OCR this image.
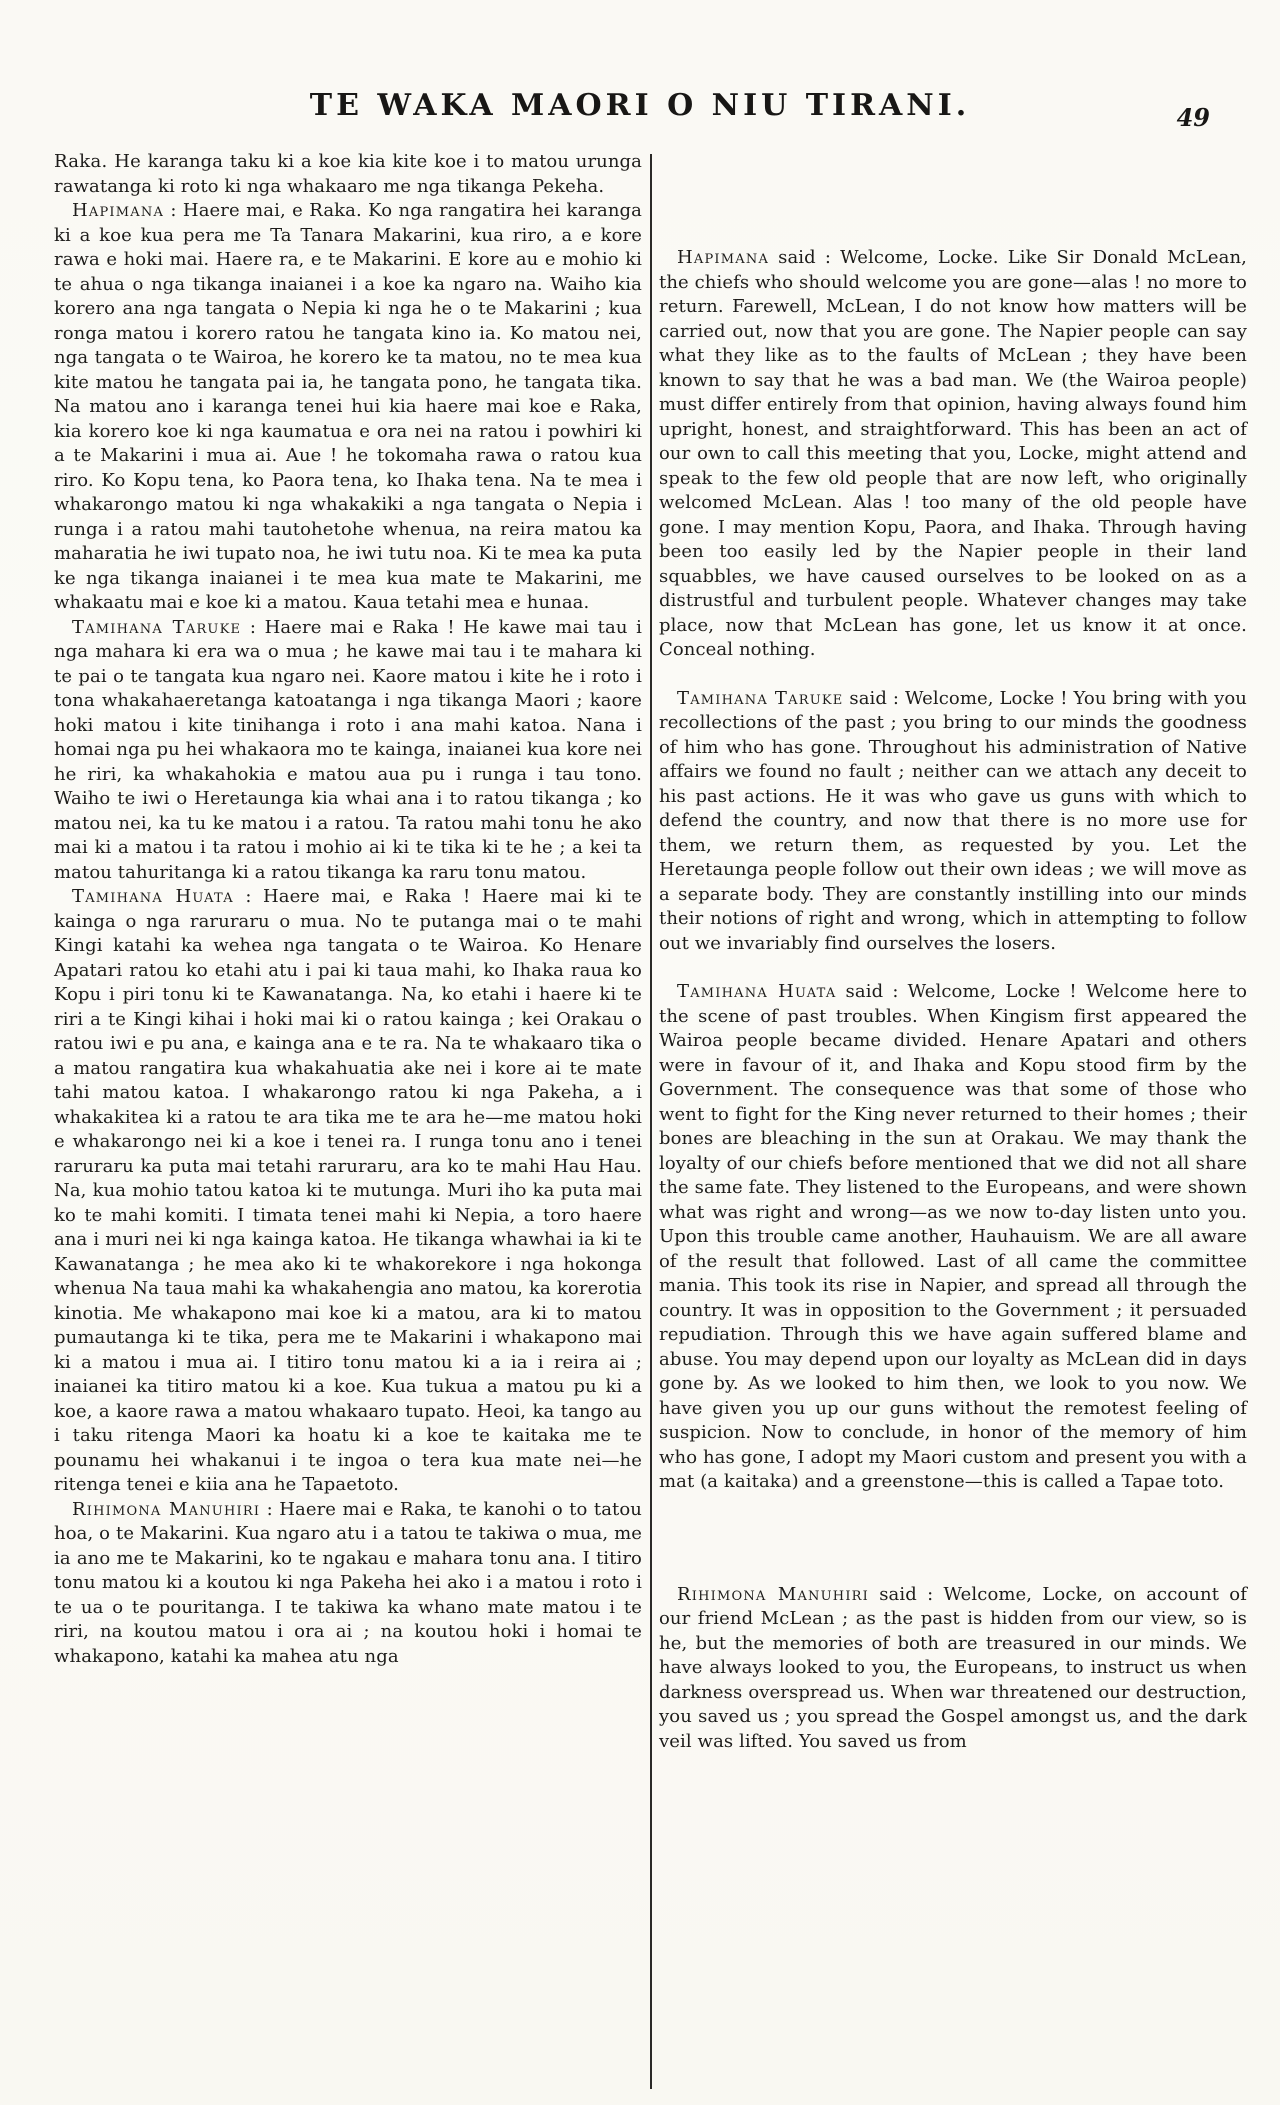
TE WAKA MAORI O NIU TIRANI.	49

Raka. He karanga taku ki a koe kia kite koe i to matou urunga rawatanga ki roto ki nga whakaaro me nga tikanga Pekeha.

Hapimana : Haere mai, e Raka. Ko nga rangatira hei karanga ki a koe kua pera me Ta Tanara Makarini, kua riro, a e kore rawa e hoki mai. Haere ra, e te Makarini. E kore au e mohio ki te ahua o nga tikanga inaianei i a koe ka ngaro na. Waiho kia korero ana nga tangata o Nepia ki nga he o te Makarini ; kua ronga matou i korero ratou he tangata kino ia. Ko matou nei, nga tangata o te Wairoa, he korero ke ta matou, no te mea kua kite matou he tangata pai ia, he tangata pono, he tangata tika. Na matou ano i karanga tenei hui kia haere mai koe e Raka, kia korero koe ki nga kaumatua e ora nei na ratou i powhiri ki a te Makarini i mua ai. Aue ! he tokomaha rawa o ratou kua riro. Ko Kopu tena, ko Paora tena, ko Ihaka tena. Na te mea i whakarongo matou ki nga whakakiki a nga tangata o Nepia i runga i a ratou mahi tautohetohe whenua, na reira matou ka maharatia he iwi tupato noa, he iwi tutu noa. Ki te mea ka puta ke nga tikanga inaianei i te mea kua mate te Makarini, me whakaatu mai e koe ki a matou. Kaua tetahi mea e hunaa.

Tamihana Taruke : Haere mai e Raka ! He kawe mai tau i nga mahara ki era wa o mua ; he kawe mai tau i te mahara ki te pai o te tangata kua ngaro nei. Kaore matou i kite he i roto i tona whakahaeretanga katoatanga i nga tikanga Maori ; kaore hoki matou i kite tinihanga i roto i ana mahi katoa. Nana i homai nga pu hei whakaora mo te kainga, inaianei kua kore nei he riri, ka whakahokia e matou aua pu i runga i tau tono. Waiho te iwi o Heretaunga kia whai ana i to ratou tikanga ; ko matou nei, ka tu ke matou i a ratou. Ta ratou mahi tonu he ako mai ki a matou i ta ratou i mohio ai ki te tika ki te he ; a kei ta matou tahuritanga ki a ratou tikanga ka raru tonu matou.

Tamihana Huata : Haere mai, e Raka ! Haere mai ki te kainga o nga raruraru o mua. No te putanga mai o te mahi Kingi katahi ka wehea nga tangata o te Wairoa. Ko Henare Apatari ratou ko etahi atu i pai ki taua mahi, ko Ihaka raua ko Kopu i piri tonu ki te Kawanatanga. Na, ko etahi i haere ki te riri a te Kingi kihai i hoki mai ki o ratou kainga ; kei Orakau o ratou iwi e pu ana, e kainga ana e te ra. Na te whakaaro tika o a matou rangatira kua whakahuatia ake nei i kore ai te mate tahi matou katoa. I whakarongo ratou ki nga Pakeha, a i whakakitea ki a ratou te ara tika me te ara he—me matou hoki e whakarongo nei ki a koe i tenei ra. I runga tonu ano i tenei raruraru ka puta mai tetahi raruraru, ara ko te mahi Hau Hau. Na, kua mohio tatou katoa ki te mutunga. Muri iho ka puta mai ko te mahi komiti. I timata tenei mahi ki Nepia, a toro haere ana i muri nei ki nga kainga katoa. He tikanga whawhai ia ki te Kawanatanga ; he mea ako ki te whakorekore i nga hokonga whenua Na taua mahi ka whakahengia ano matou, ka korerotia kinotia. Me whakapono mai koe ki a matou, ara ki to matou pumautanga ki te tika, pera me te Makarini i whakapono mai ki a matou i mua ai. I titiro tonu matou ki a ia i reira ai ; inaianei ka titiro matou ki a koe. Kua tukua a matou pu ki a koe, a kaore rawa a matou whakaaro tupato. Heoi, ka tango au i taku ritenga Maori ka hoatu ki a koe te kaitaka me te pounamu hei whakanui i te ingoa o tera kua mate nei—he ritenga tenei e kiia ana he Tapaetoto.

Rihimona Manuhiri : Haere mai e Raka, te kanohi o to tatou hoa, o te Makarini. Kua ngaro atu i a tatou te takiwa o mua, me ia ano me te Makarini, ko te ngakau e mahara tonu ana. I titiro tonu matou ki a koutou ki nga Pakeha hei ako i a matou i roto i te ua o te pouritanga. I te takiwa ka whano mate matou i te riri, na koutou matou i ora ai ; na koutou hoki i homai te whakapono, katahi ka mahea atu nga

Hapimana said : Welcome, Locke. Like Sir Donald McLean, the chiefs who should welcome you are gone—alas ! no more to return. Farewell, McLean, I do not know how matters will be carried out, now that you are gone. The Napier people can say what they like as to the faults of McLean ; they have been known to say that he was a bad man. We (the Wairoa people) must differ entirely from that opinion, having always found him upright, honest, and straightforward. This has been an act of our own to call this meeting that you, Locke, might attend and speak to the few old people that are now left, who originally welcomed McLean. Alas ! too many of the old people have gone. I may mention Kopu, Paora, and Ihaka. Through having been too easily led by the Napier people in their land squabbles, we have caused ourselves to be looked on as a distrustful and turbulent people. Whatever changes may take place, now that McLean has gone, let us know it at once. Conceal nothing.

Tamihana Taruke said : Welcome, Locke ! You bring with you recollections of the past ; you bring to our minds the goodness of him who has gone. Throughout his administration of Native affairs we found no fault ; neither can we attach any deceit to his past actions. He it was who gave us guns with which to defend the country, and now that there is no more use for them, we return them, as requested by you. Let the Heretaunga people follow out their own ideas ; we will move as a separate body. They are constantly instilling into our minds their notions of right and wrong, which in attempting to follow out we invariably find ourselves the losers.

Tamihana Huata said : Welcome, Locke ! Welcome here to the scene of past troubles. When Kingism first appeared the Wairoa people became divided. Henare Apatari and others were in favour of it, and Ihaka and Kopu stood firm by the Government. The consequence was that some of those who went to fight for the King never returned to their homes ; their bones are bleaching in the sun at Orakau. We may thank the loyalty of our chiefs before mentioned that we did not all share the same fate. They listened to the Europeans, and were shown what was right and wrong—as we now to-day listen unto you. Upon this trouble came another, Hauhauism. We are all aware of the result that followed. Last of all came the committee mania. This took its rise in Napier, and spread all through the country. It was in opposition to the Government ; it persuaded repudiation. Through this we have again suffered blame and abuse. You may depend upon our loyalty as McLean did in days gone by. As we looked to him then, we look to you now. We have given you up our guns without the remotest feeling of suspicion. Now to conclude, in honor of the memory of him who has gone, I adopt my Maori custom and present you with a mat (a kaitaka) and a greenstone—this is called a Tapae toto.

Rihimona Manuhiri said : Welcome, Locke, on account of our friend McLean ; as the past is hidden from our view, so is he, but the memories of both are treasured in our minds. We have always looked to you, the Europeans, to instruct us when darkness overspread us. When war threatened our destruction, you saved us ; you spread the Gospel amongst us, and the dark veil was lifted. You saved us from
